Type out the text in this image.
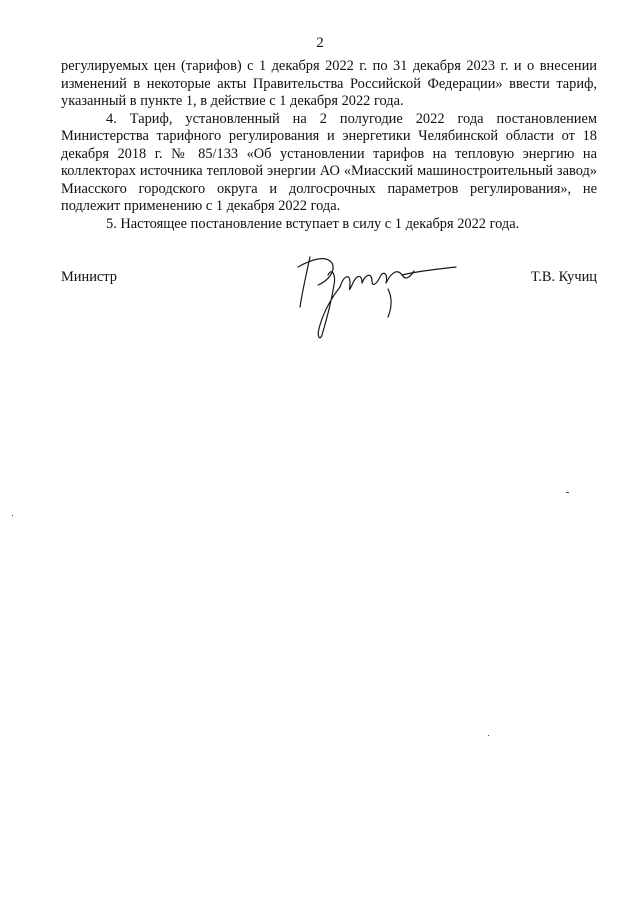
2

регулируемых цен (тарифов) с 1 декабря 2022 г. по 31 декабря 2023 г. и о внесении изменений в некоторые акты Правительства Российской Федерации» ввести тариф, указанный в пункте 1, в действие с 1 декабря 2022 года.

4. Тариф, установленный на 2 полугодие 2022 года постановлением Министерства тарифного регулирования и энергетики Челябинской области от 18 декабря 2018 г. № 85/133 «Об установлении тарифов на тепловую энергию на коллекторах источника тепловой энергии АО «Миасский машиностроительный завод» Миасского городского округа и долгосрочных параметров регулирования», не подлежит применению с 1 декабря 2022 года.

5. Настоящее постановление вступает в силу с 1 декабря 2022 года.

Министр	Т.В. Кучиц
